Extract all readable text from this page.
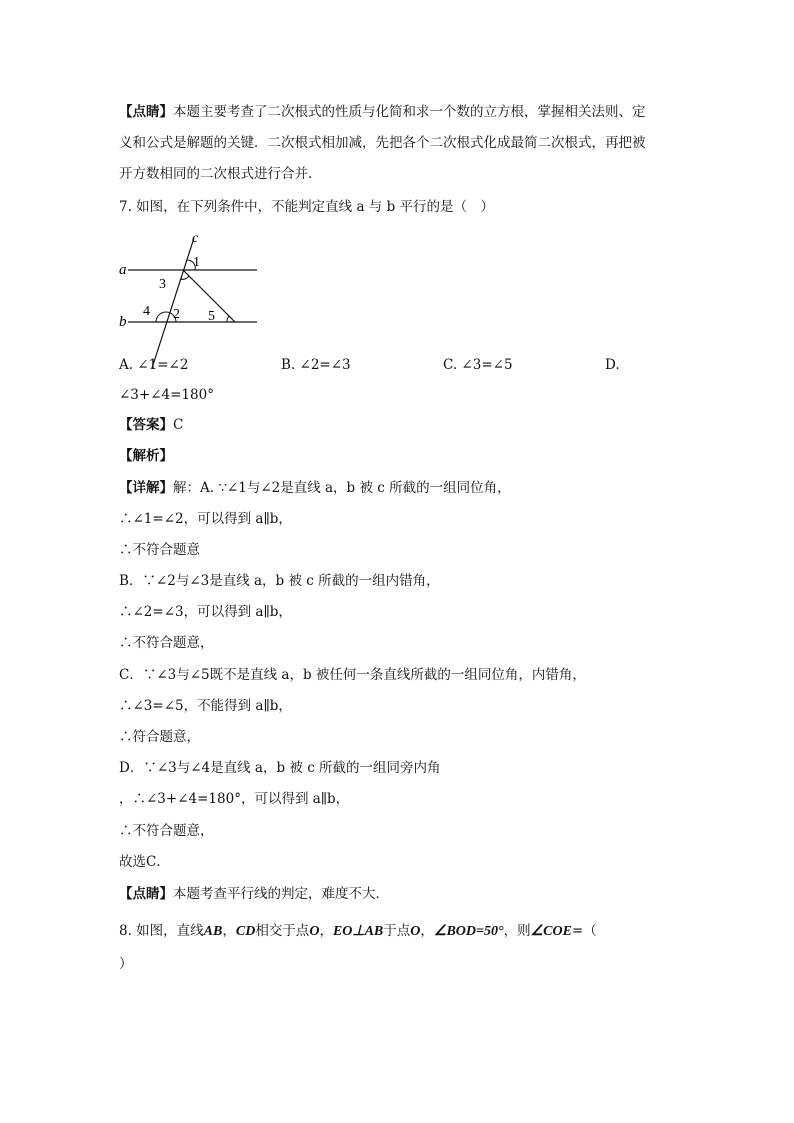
【点睛】本题主要考查了二次根式的性质与化简和求一个数的立方根，掌握相关法则、定
义和公式是解题的关键．二次根式相加减，先把各个二次根式化成最简二次根式，再把被
开方数相同的二次根式进行合并．
7. 如图，在下列条件中，不能判定直线 a 与 b 平行的是（　）
c
a
b
1
3
4 2 5
A. ∠1=∠2	B. ∠2=∠3	C. ∠3=∠5	D.
∠3+∠4=180°
【答案】C
【解析】
【详解】解：A. ∵∠1与∠2是直线 a，b 被 c 所截的一组同位角，
∴∠1=∠2，可以得到 a∥b，
∴不符合题意
B．∵∠2与∠3是直线 a，b 被 c 所截的一组内错角，
∴∠2=∠3，可以得到 a∥b，
∴不符合题意，
C．∵∠3与∠5既不是直线 a，b 被任何一条直线所截的一组同位角，内错角，
∴∠3=∠5，不能得到 a∥b，
∴符合题意，
D．∵∠3与∠4是直线 a，b 被 c 所截的一组同旁内角
，∴∠3+∠4=180°，可以得到 a∥b，
∴不符合题意，
故选C．
【点睛】本题考查平行线的判定，难度不大．
8. 如图，直线AB，CD相交于点O，EO⊥AB于点O，∠BOD=50°，则∠COE=（
）
